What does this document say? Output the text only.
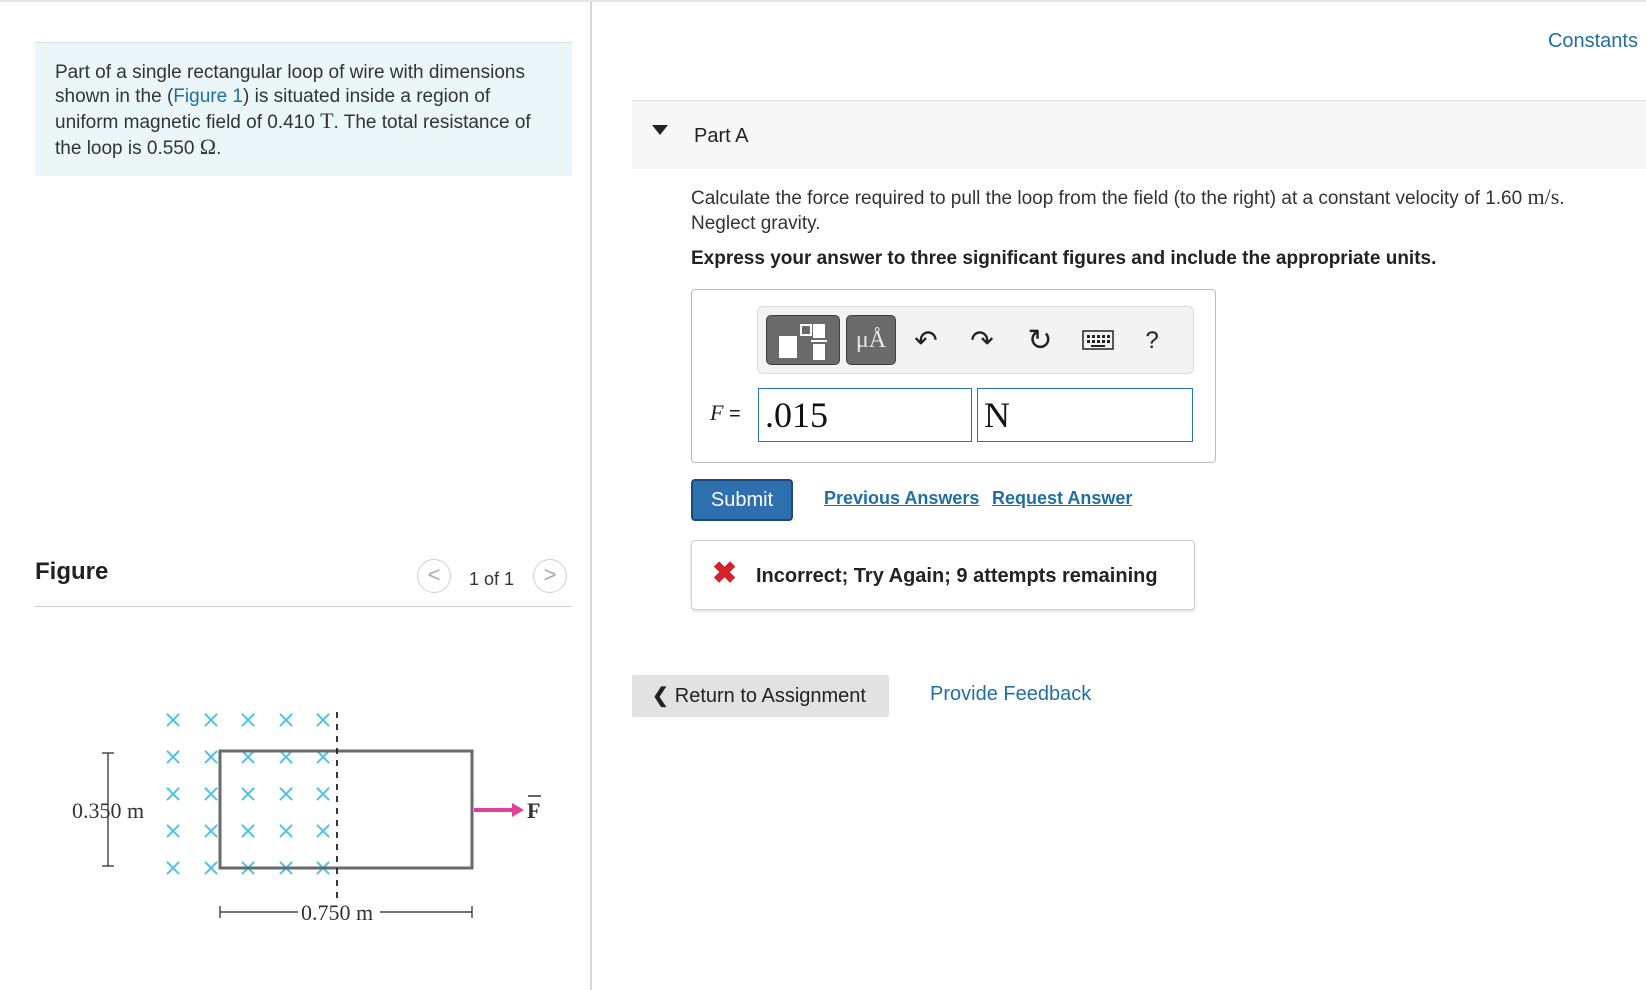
Part of a single rectangular loop of wire with dimensions shown in the (Figure 1) is situated inside a region of uniform magnetic field of 0.410 T. The total resistance of the loop is 0.550 Ω.
Figure	<	1 of 1	>
× × × × ×
× × × × ×
× × × × ×
× × × × ×
× × × × ×
0.350 m
0.750 m
F
Constants
Part A
Calculate the force required to pull the loop from the field (to the right) at a constant velocity of 1.60 m/s. Neglect gravity.
Express your answer to three significant figures and include the appropriate units.
μÅ	↶ ↷ ↻	?
F =
.015
N
Submit	Previous Answers Request Answer
✖ Incorrect; Try Again; 9 attempts remaining
❮ Return to Assignment	Provide Feedback
